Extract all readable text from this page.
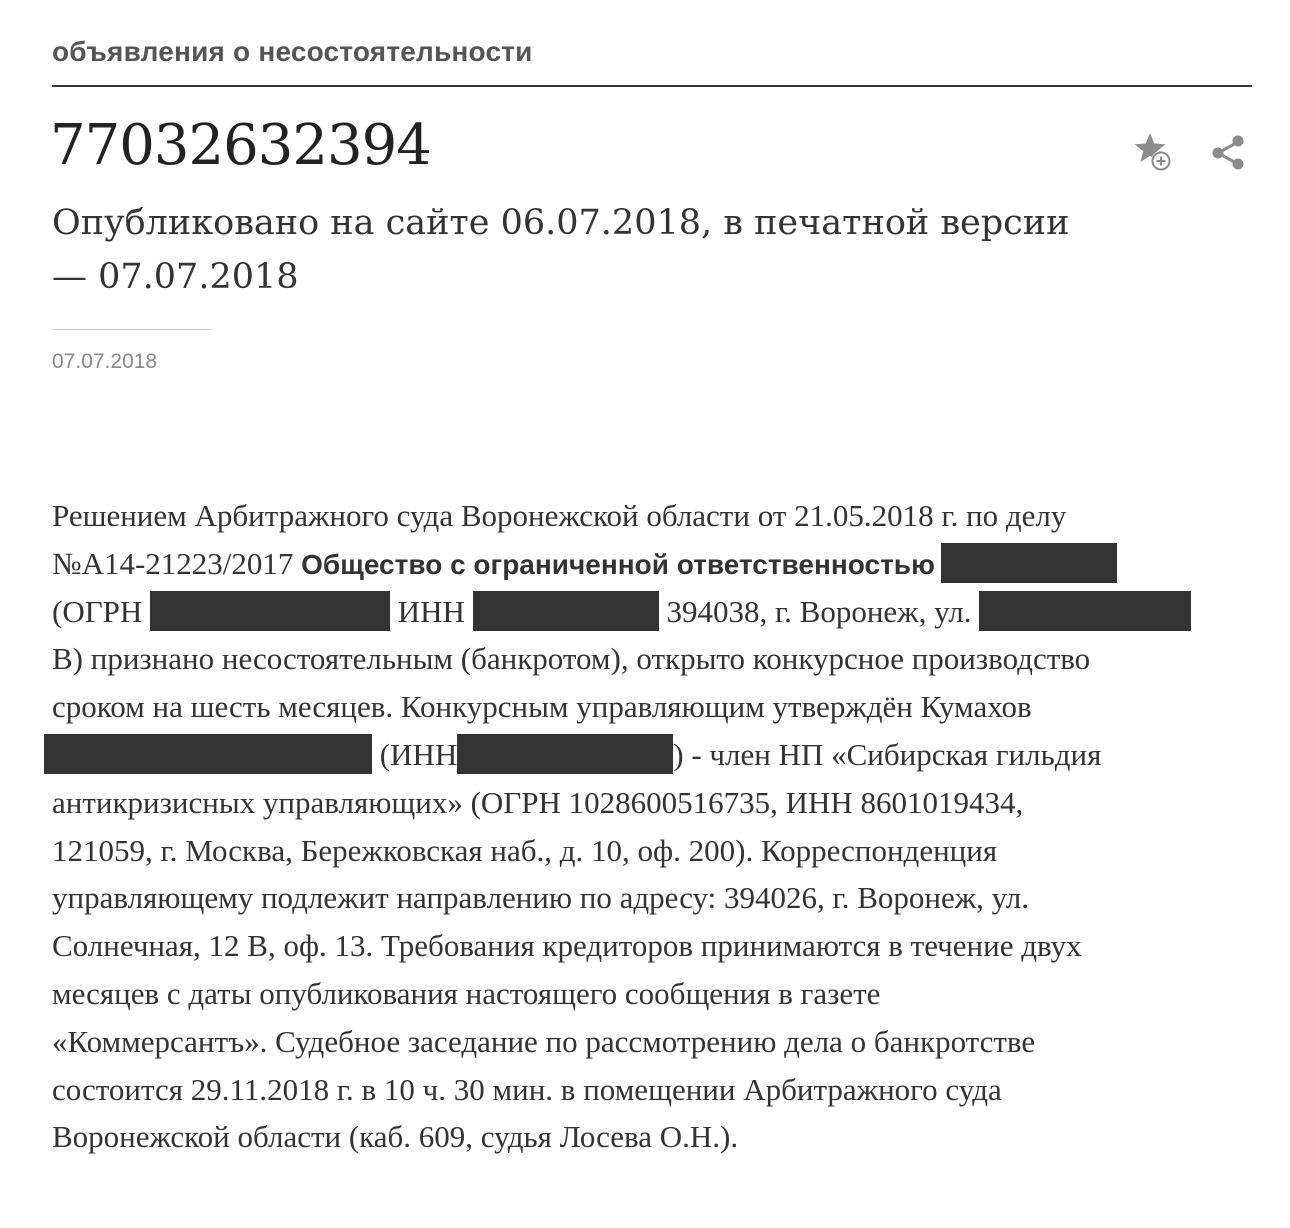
объявления о несостоятельности
77032632394
Опубликовано на сайте 06.07.2018, в печатной версии
— 07.07.2018
07.07.2018
Решением Арбитражного суда Воронежской области от 21.05.2018 г. по делу
№А14-21223/2017 Общество с ограниченной ответственностью
(ОГРН	ИНН	394038, г. Воронеж, ул.
В) признано несостоятельным (банкротом), открыто конкурсное производство
сроком на шесть месяцев. Конкурсным управляющим утверждён Кумахов
(ИНН	) - член НП «Сибирская гильдия
антикризисных управляющих» (ОГРН 1028600516735, ИНН 8601019434,
121059, г. Москва, Бережковская наб., д. 10, оф. 200). Корреспонденция
управляющему подлежит направлению по адресу: 394026, г. Воронеж, ул.
Солнечная, 12 В, оф. 13. Требования кредиторов принимаются в течение двух
месяцев с даты опубликования настоящего сообщения в газете
«Коммерсантъ». Судебное заседание по рассмотрению дела о банкротстве
состоится 29.11.2018 г. в 10 ч. 30 мин. в помещении Арбитражного суда
Воронежской области (каб. 609, судья Лосева О.Н.).
